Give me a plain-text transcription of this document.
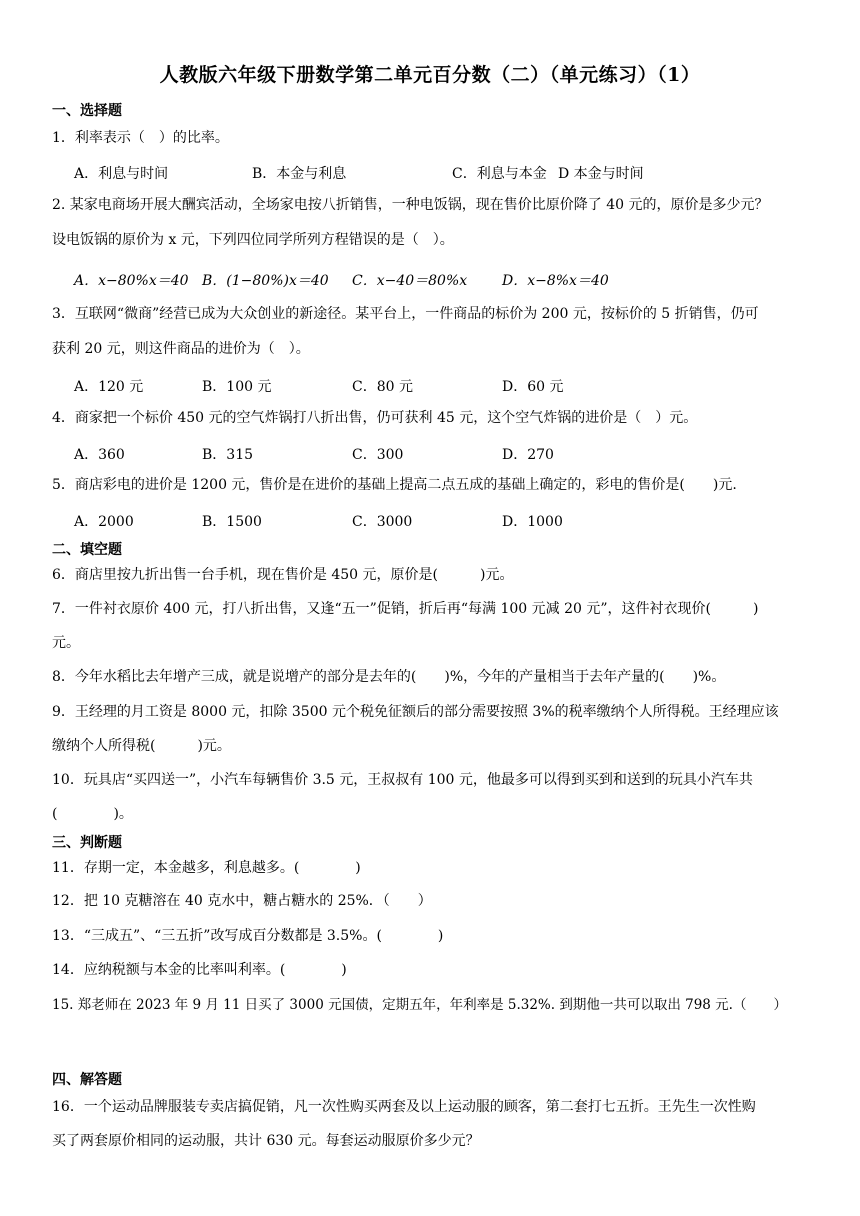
人教版六年级下册数学第二单元百分数（二）（单元练习）（1）
一、选择题
1．利率表示（　）的比率。
A．利息与时间	B．本金与利息	C．利息与本金 D 本金与时间
2. 某家电商场开展大酬宾活动，全场家电按八折销售，一种电饭锅，现在售价比原价降了 40 元的，原价是多少元？
设电饭锅的原价为 x 元，下列四位同学所列方程错误的是（　）。
A．x−80%x＝40 B．(1−80%)x＝40 C．x−40＝80%x D．x−8%x＝40
3．互联网“微商”经营已成为大众创业的新途径。某平台上，一件商品的标价为 200 元，按标价的 5 折销售，仍可
获利 20 元，则这件商品的进价为（　）。
A．120 元	B．100 元	C．80 元	D．60 元
4．商家把一个标价 450 元的空气炸锅打八折出售，仍可获利 45 元，这个空气炸锅的进价是（　）元。
A．360	B．315	C．300	D．270
5．商店彩电的进价是 1200 元，售价是在进价的基础上提高二点五成的基础上确定的，彩电的售价是(　　)元.
A．2000	B．1500	C．3000	D．1000
二、填空题
6．商店里按九折出售一台手机，现在售价是 450 元，原价是(　　　)元。
7．一件衬衣原价 400 元，打八折出售，又逢“五一”促销，折后再“每满 100 元减 20 元”，这件衬衣现价(　　　)
元。
8．今年水稻比去年增产三成，就是说增产的部分是去年的(　　)%，今年的产量相当于去年产量的(　　)%。
9．王经理的月工资是 8000 元，扣除 3500 元个税免征额后的部分需要按照 3%的税率缴纳个人所得税。王经理应该
缴纳个人所得税(　　　)元。
10．玩具店“买四送一”，小汽车每辆售价 3.5 元，王叔叔有 100 元，他最多可以得到买到和送到的玩具小汽车共
(　　　　)。
三、判断题
11．存期一定，本金越多，利息越多。(　　　　)
12．把 10 克糖溶在 40 克水中，糖占糖水的 25%．（　　）
13．“三成五”、“三五折”改写成百分数都是 3.5%。(　　　　)
14．应纳税额与本金的比率叫利率。(　　　　)
15. 郑老师在 2023 年 9 月 11 日买了 3000 元国债，定期五年，年利率是 5.32%. 到期他一共可以取出 798 元.（　　）
四、解答题
16．一个运动品牌服装专卖店搞促销，凡一次性购买两套及以上运动服的顾客，第二套打七五折。王先生一次性购
买了两套原价相同的运动服，共计 630 元。每套运动服原价多少元？
